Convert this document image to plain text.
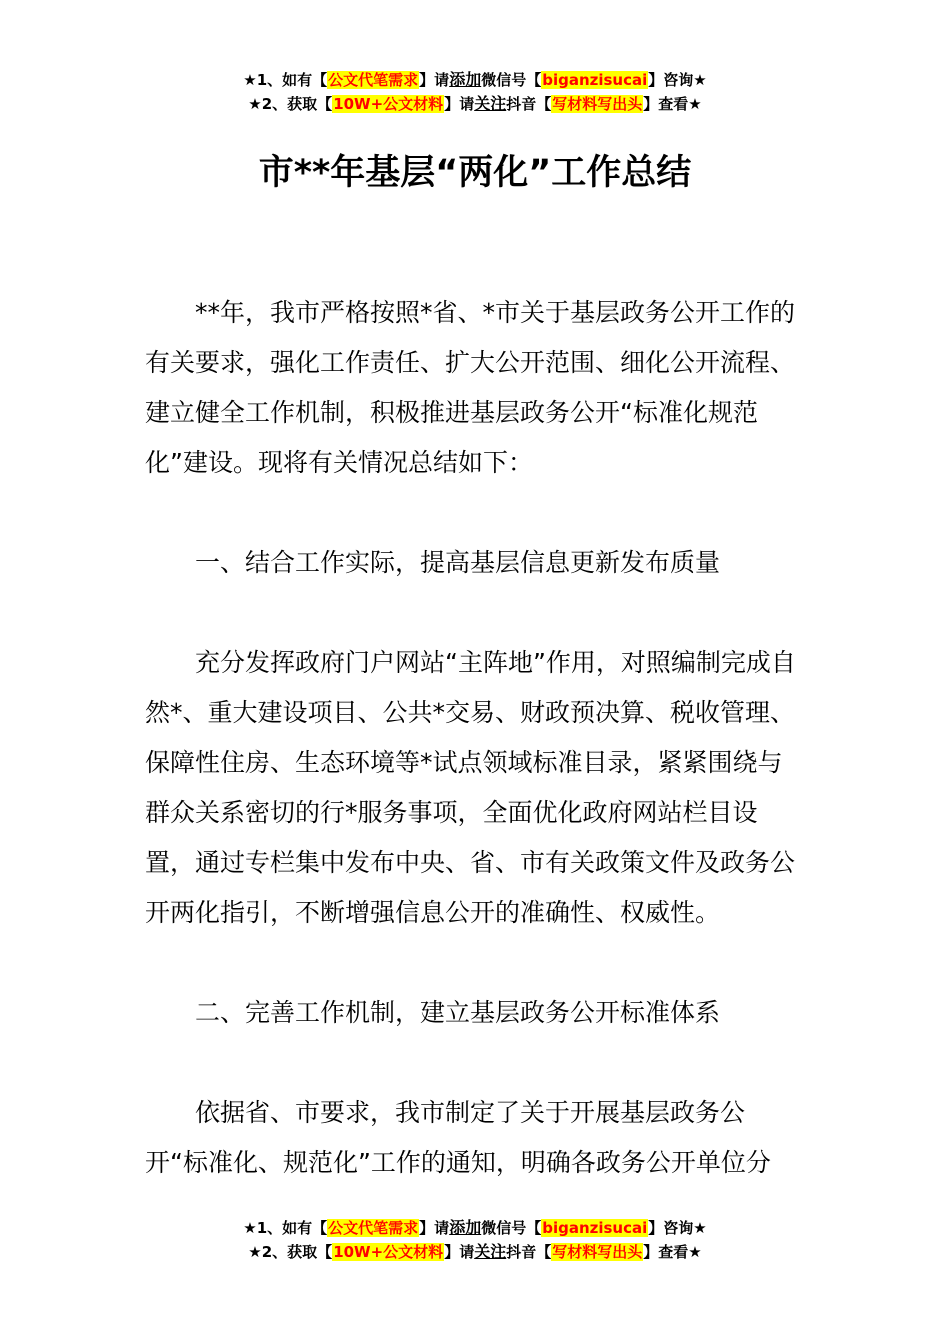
★1、如有【公文代笔需求】请添加微信号【biganzisucai】咨询★
★2、获取【10W+公文材料】请关注抖音【写材料写出头】查看★
市**年基层“两化”工作总结

**年，我市严格按照*省、*市关于基层政务公开工作的有关要求，强化工作责任、扩大公开范围、细化公开流程、建立健全工作机制，积极推进基层政务公开“标准化规范化”建设。现将有关情况总结如下：

一、结合工作实际，提高基层信息更新发布质量

充分发挥政府门户网站“主阵地”作用，对照编制完成自然*、重大建设项目、公共*交易、财政预决算、税收管理、保障性住房、生态环境等*试点领域标准目录，紧紧围绕与群众关系密切的行*服务事项，全面优化政府网站栏目设置，通过专栏集中发布中央、省、市有关政策文件及政务公开两化指引，不断增强信息公开的准确性、权威性。

二、完善工作机制，建立基层政务公开标准体系

依据省、市要求，我市制定了关于开展基层政务公开“标准化、规范化”工作的通知，明确各政务公开单位分

★1、如有【公文代笔需求】请添加微信号【biganzisucai】咨询★
★2、获取【10W+公文材料】请关注抖音【写材料写出头】查看★
